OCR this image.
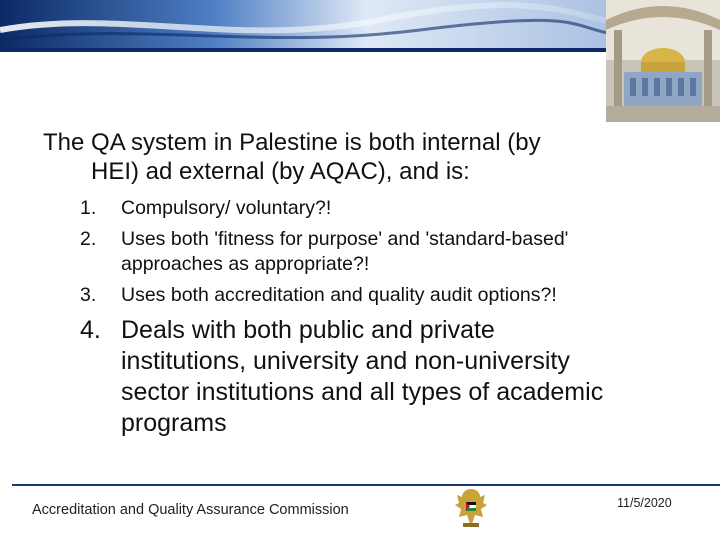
The QA system in Palestine is both internal (by
HEI) ad external (by AQAC), and is:
1. Compulsory/ voluntary?!
2. Uses both 'fitness for purpose' and 'standard-based'
approaches as appropriate?!
3. Uses both accreditation and quality audit options?!
4. Deals with both public and private
institutions, university and non-university
sector institutions and all types of academic
programs
Accreditation and Quality Assurance Commission	11/5/2020
